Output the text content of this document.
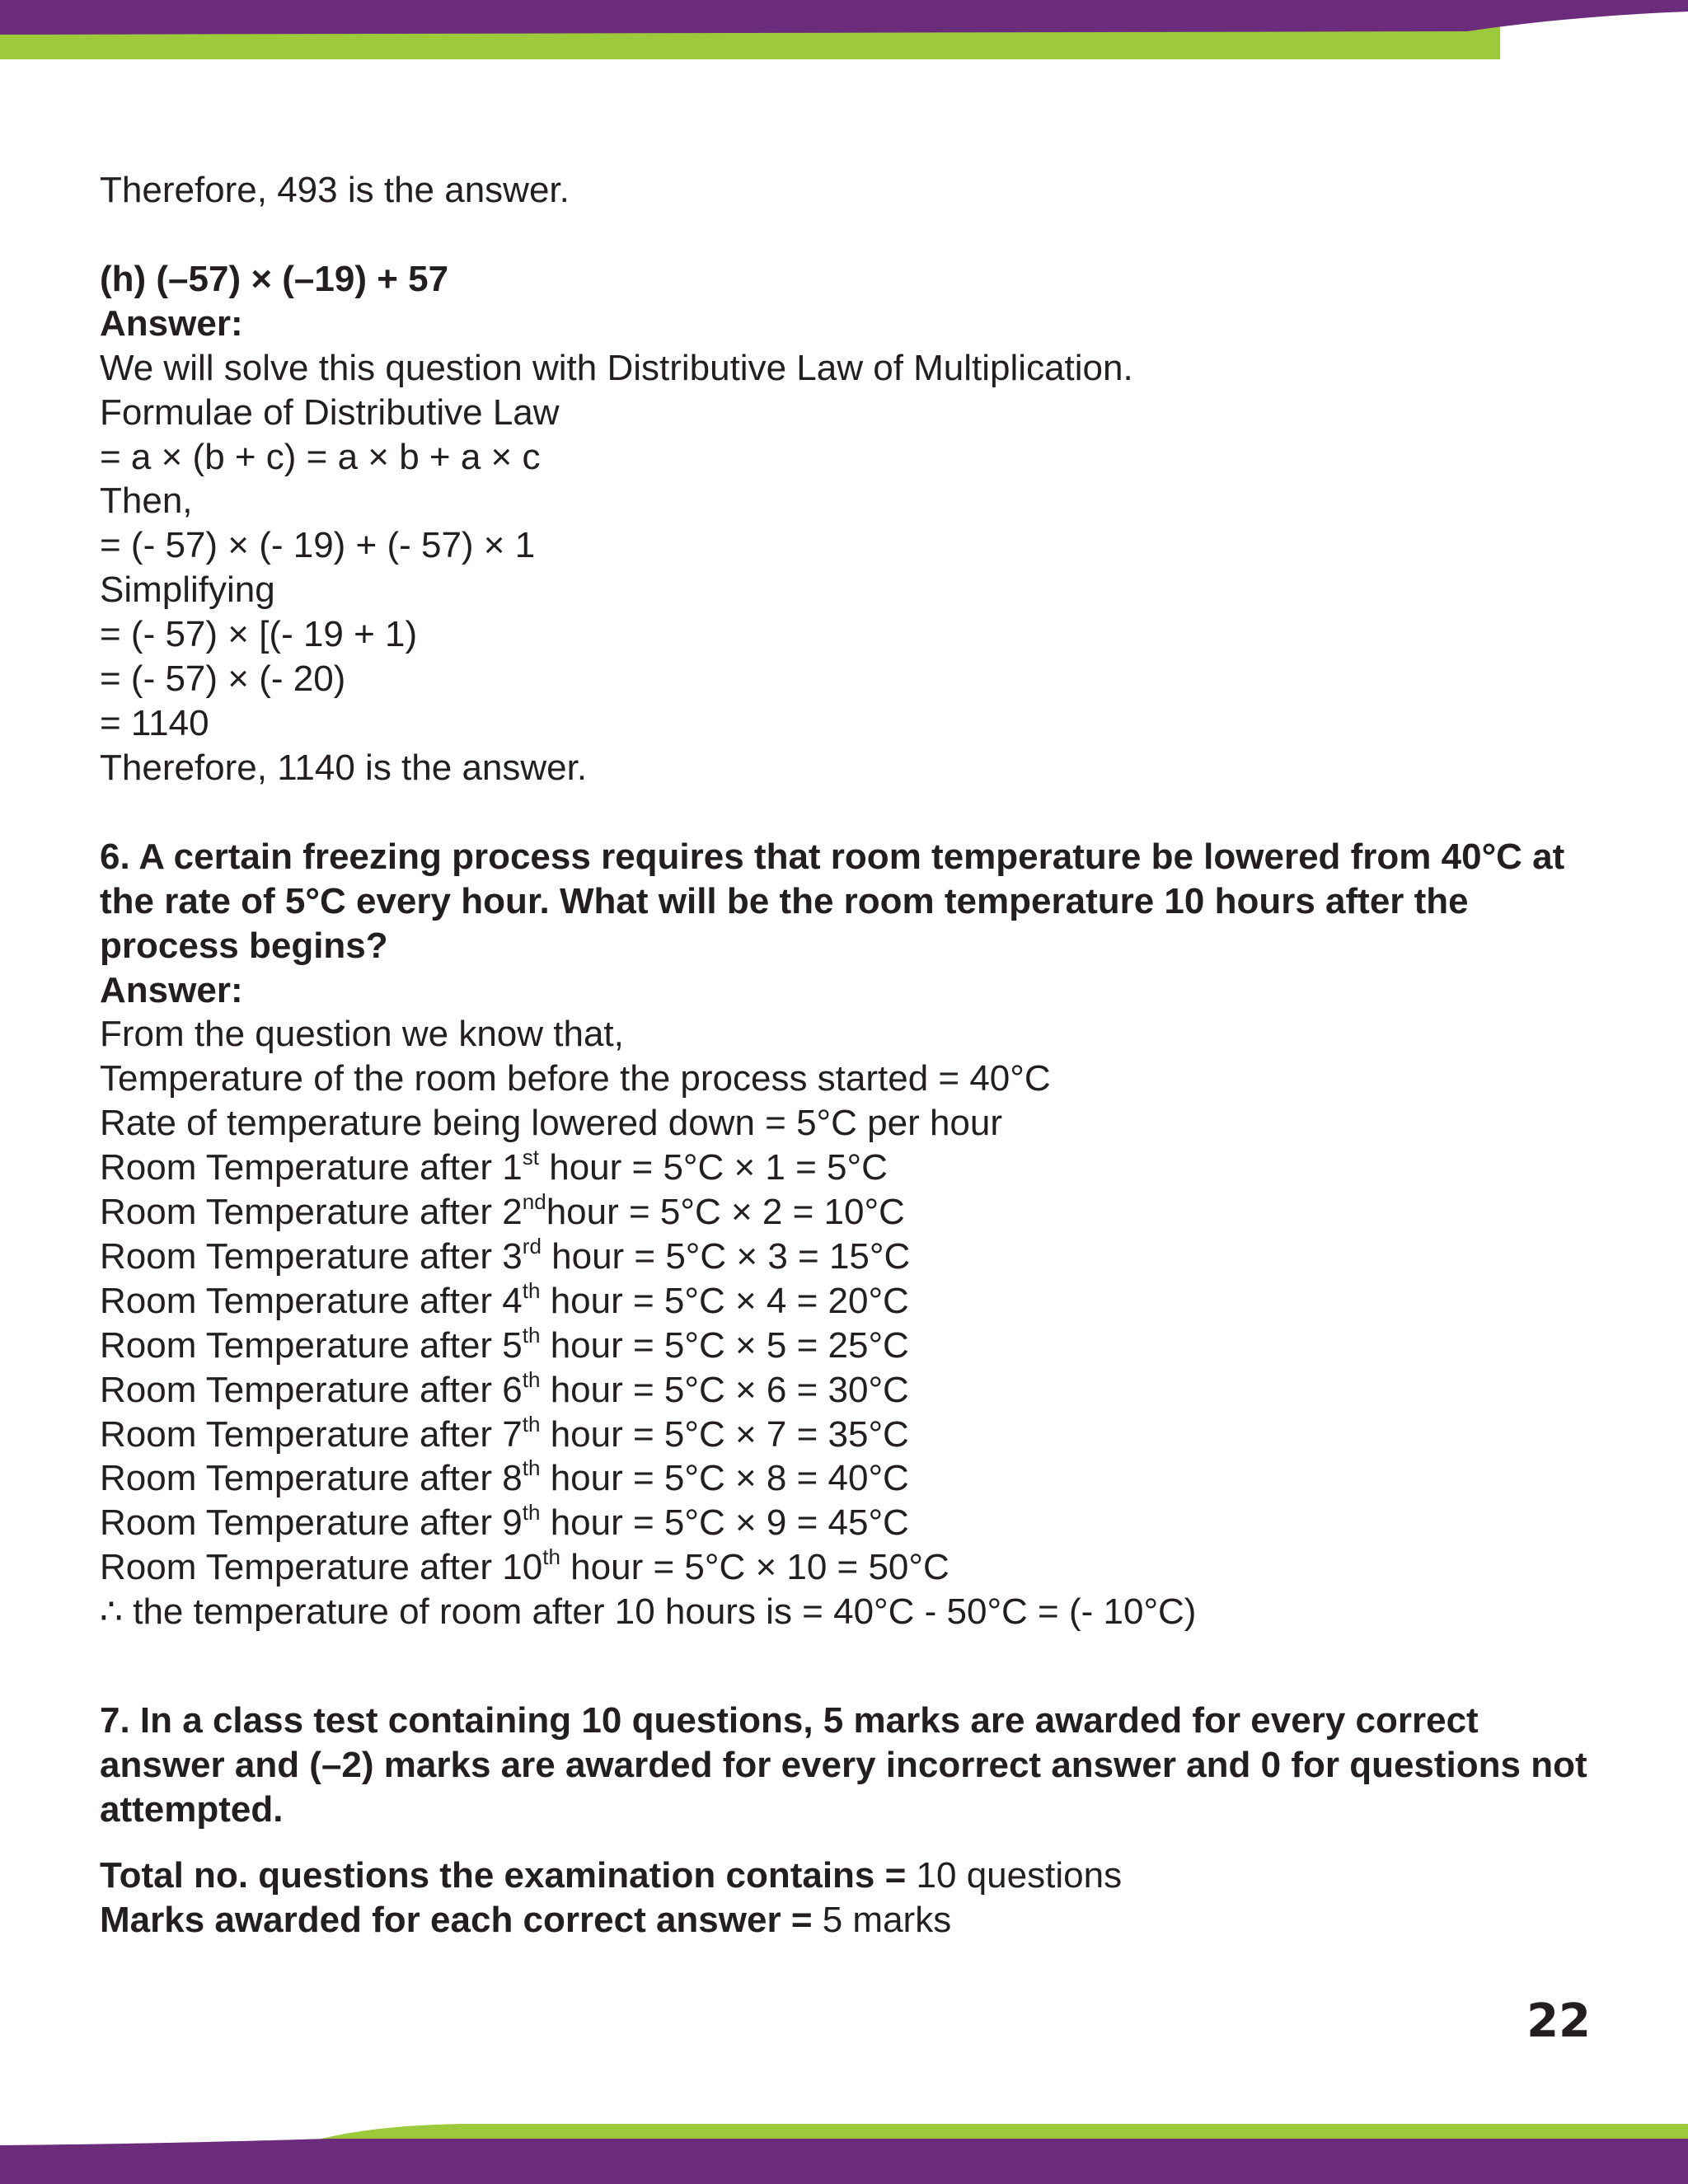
Therefore, 493 is the answer.

(h) (–57) × (–19) + 57

Answer:

We will solve this question with Distributive Law of Multiplication.

Formulae of Distributive Law

= a × (b + c) = a × b + a × c

Then,

= (- 57) × (- 19) + (- 57) × 1

Simplifying

= (- 57) × [(- 19 + 1)

= (- 57) × (- 20)

= 1140

Therefore, 1140 is the answer.

6. A certain freezing process requires that room temperature be lowered from 40°C at the rate of 5°C every hour. What will be the room temperature 10 hours after the process begins?

Answer:

From the question we know that,

Temperature of the room before the process started = 40°C

Rate of temperature being lowered down = 5°C per hour

Room Temperature after 1st hour = 5°C × 1 = 5°C

Room Temperature after 2ndhour = 5°C × 2 = 10°C

Room Temperature after 3rd hour = 5°C × 3 = 15°C

Room Temperature after 4th hour = 5°C × 4 = 20°C

Room Temperature after 5th hour = 5°C × 5 = 25°C

Room Temperature after 6th hour = 5°C × 6 = 30°C

Room Temperature after 7th hour = 5°C × 7 = 35°C

Room Temperature after 8th hour = 5°C × 8 = 40°C

Room Temperature after 9th hour = 5°C × 9 = 45°C

Room Temperature after 10th hour = 5°C × 10 = 50°C

∴ the temperature of room after 10 hours is = 40°C - 50°C = (- 10°C)

7. In a class test containing 10 questions, 5 marks are awarded for every correct answer and (–2) marks are awarded for every incorrect answer and 0 for questions not attempted.

Total no. questions the examination contains = 10 questions

Marks awarded for each correct answer = 5 marks

22
